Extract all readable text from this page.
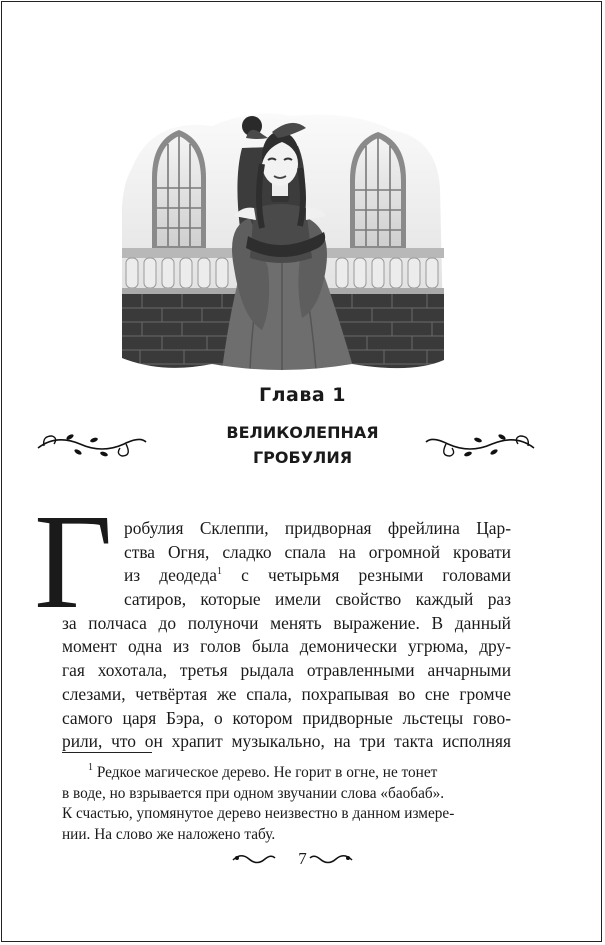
Глава 1
ВЕЛИКОЛЕПНАЯ
ГРОБУЛИЯ
Г робулия Склеппи, придворная фрейлина Цар-
ства Огня, сладко спала на огромной кровати
из деодеда$^1$ с четырьмя резными головами
сатиров, которые имели свойство каждый раз
за полчаса до полуночи менять выражение. В данный
момент одна из голов была демонически угрюма, дру-
гая хохотала, третья рыдала отравленными анчарными
слезами, четвёртая же спала, похрапывая во сне громче
самого царя Бэра, о котором придворные льстецы гово-
рили, что он храпит музыкально, на три такта исполняя
$^1$ Редкое магическое дерево. Не горит в огне, не тонет
в воде, но взрывается при одном звучании слова «баобаб».
К счастью, упомянутое дерево неизвестно в данном измере-
нии. На слово же наложено табу.
7
